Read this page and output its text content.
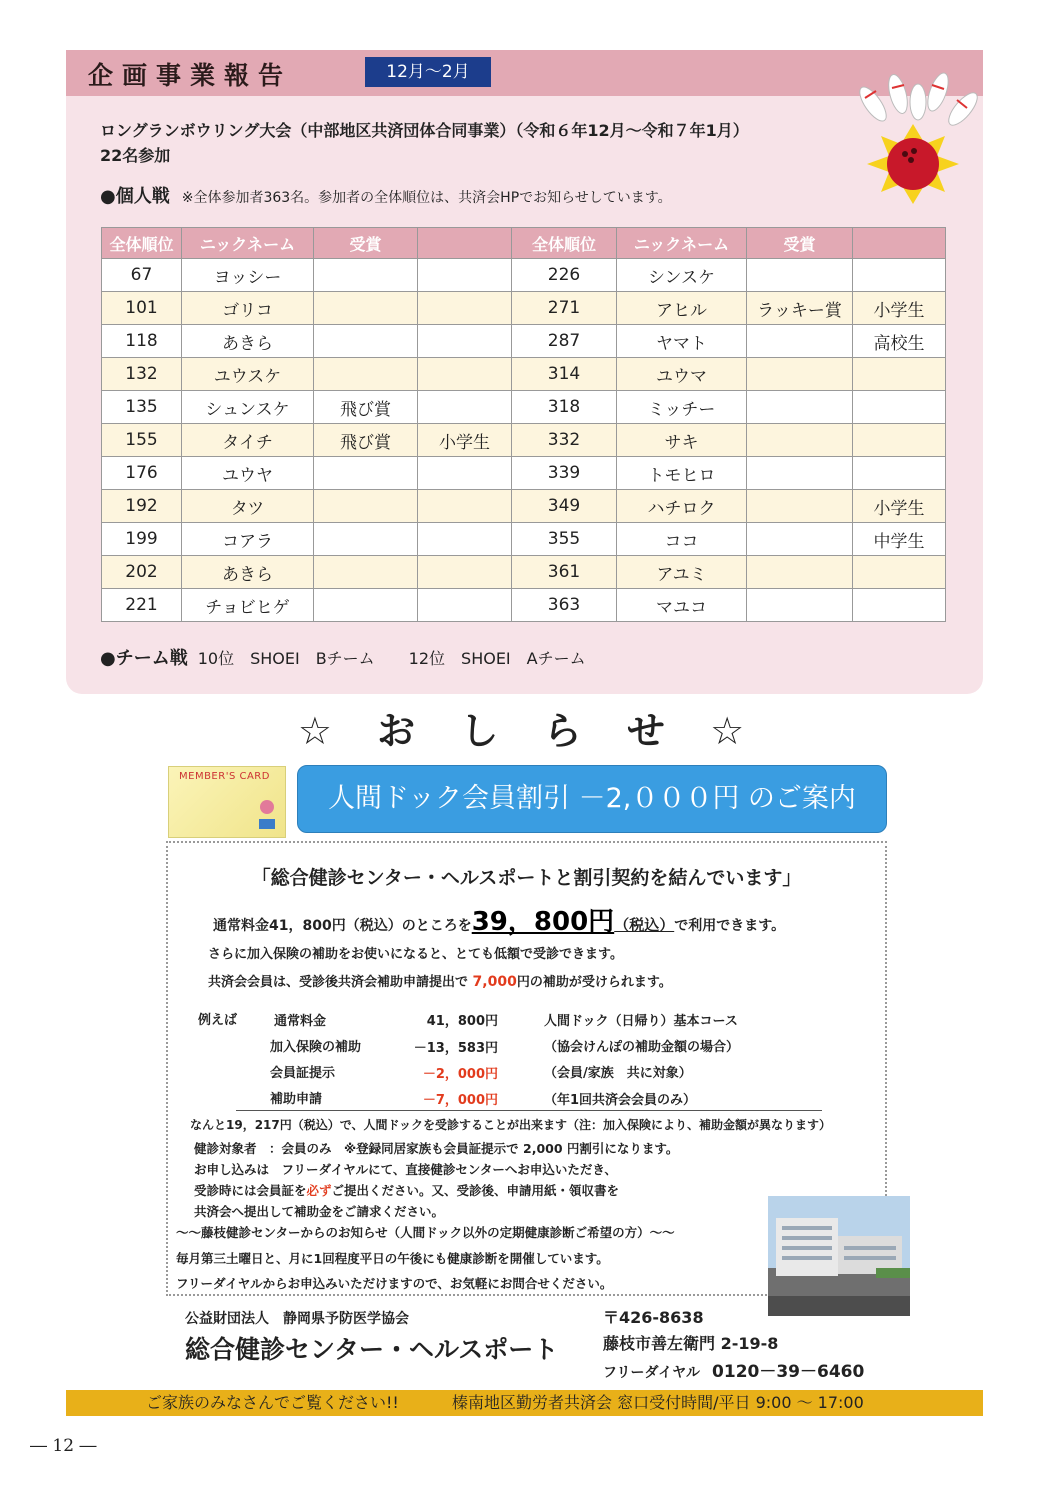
企画事業報告	12月～2月
ロングランボウリング大会（中部地区共済団体合同事業）（令和６年12月～令和７年1月）
22名参加
●個人戦 ※全体参加者363名。参加者の全体順位は、共済会HPでお知らせしています。
全体順位	ニックネーム	受賞		全体順位	ニックネーム	受賞	
67	ヨッシー			226	シンスケ		
101	ゴリコ			271	アヒル	ラッキー賞	小学生
118	あきら			287	ヤマト		高校生
132	ユウスケ			314	ユウマ		
135	シュンスケ	飛び賞		318	ミッチー		
155	タイチ	飛び賞	小学生	332	サキ		
176	ユウヤ			339	トモヒロ		
192	タツ			349	ハチロク		小学生
199	コアラ			355	ココ		中学生
202	あきら			361	アユミ		
221	チョビヒゲ			363	マユコ		
●チーム戦 10位　SHOEI　Bチーム 12位　SHOEI　Aチーム
☆ お し ら せ ☆
MEMBER'S CARD
人間ドック会員割引 －2,０００円 のご案内
「総合健診センター・ヘルスポートと割引契約を結んでいます」
通常料金41，800円（税込）のところを39，800円（税込）で利用できます。
さらに加入保険の補助をお使いになると、とても低額で受診できます。
共済会会員は、受診後共済会補助申請提出で 7,000円の補助が受けられます。
例えば	通常料金	41，800円	人間ドック（日帰り）基本コース
加入保険の補助	－13，583円	（協会けんぽの補助金額の場合）
会員証提示	－2，000円	（会員/家族　共に対象）
補助申請	－7，000円	（年1回共済会会員のみ）
なんと19，217円（税込）で、人間ドックを受診することが出来ます（注：加入保険により、補助金額が異なります）
健診対象者　：会員のみ　※登録同居家族も会員証提示で 2,000 円割引になります。
お申し込みは　フリーダイヤルにて、直接健診センターへお申込いただき、
受診時には会員証を必ずご提出ください。又、受診後、申請用紙・領収書を
共済会へ提出して補助金をご請求ください。
～～藤枝健診センターからのお知らせ（人間ドック以外の定期健康診断ご希望の方）～～
毎月第三土曜日と、月に1回程度平日の午後にも健康診断を開催しています。
フリーダイヤルからお申込みいただけますので、お気軽にお問合せください。
公益財団法人　静岡県予防医学協会
総合健診センター・ヘルスポート
〒426-8638
藤枝市善左衛門 2-19-8
フリーダイヤル 0120－39－6460
ご家族のみなさんでご覧ください!!	榛南地区勤労者共済会 窓口受付時間/平日 9:00 ～ 17:00
― 12 ―
